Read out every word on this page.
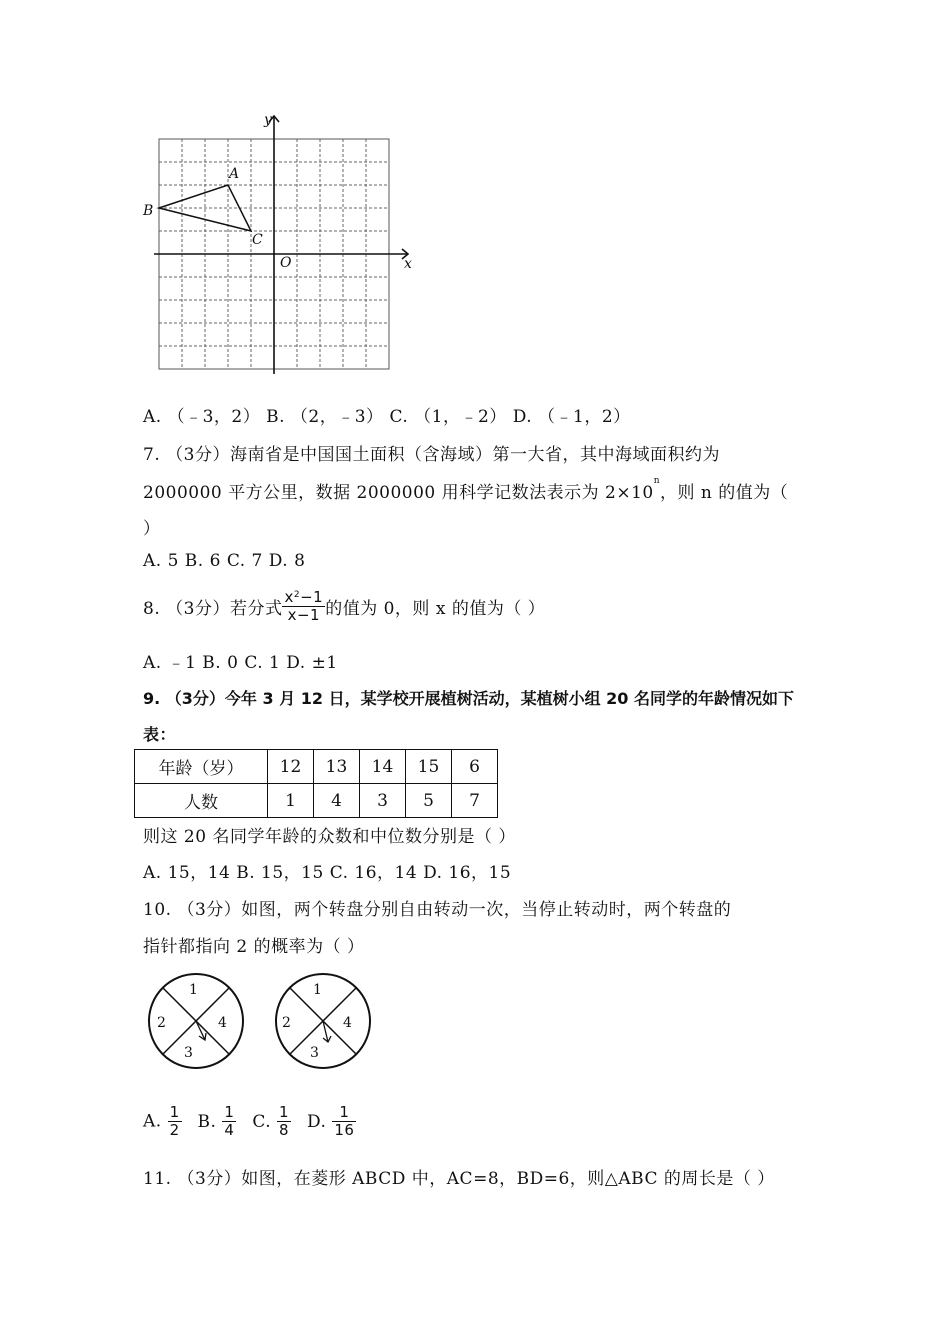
y
x
O
A
B
C
A. （﹣3，2） B. （2，﹣3） C. （1，﹣2） D. （﹣1，2）
7. （3分）海南省是中国国土面积（含海域）第一大省，其中海域面积约为
2000000 平方公里，数据 2000000 用科学记数法表示为 $2\times 10^n$，则 n 的值为（
）
A. 5 B. 6 C. 7 D. 8
8. （3分）若分式 $\frac{x^2-1}{x-1}$ 的值为 0，则 x 的值为（ ）
A. ﹣1 B. 0 C. 1 D. ±1
9. （3分）今年 3 月 12 日，某学校开展植树活动，某植树小组 20 名同学的年龄情况如下
表：
年龄（岁）	12	13	14	15	6
人数	1	4	3	5	7
则这 20 名同学年龄的众数和中位数分别是（ ）
A. 15，14 B. 15，15 C. 16，14 D. 16，15
10. （3分）如图，两个转盘分别自由转动一次，当停止转动时，两个转盘的
指针都指向 2 的概率为（ ）
1
2
3
4
1
2
3
4
A. $\frac{1}{2} B$. $\frac{1}{4} C$. $\frac{1}{8} D$. $\frac{1}{16}$
11. （3分）如图，在菱形 ABCD 中，AC=8，BD=6，则△ABC 的周长是（ ）
